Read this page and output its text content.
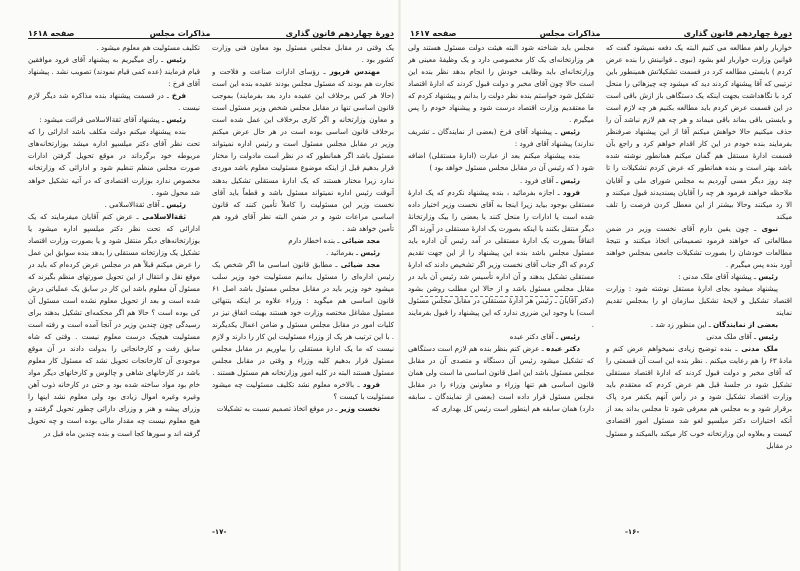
دورهٔ چهاردهم قانون گذاری
مذاکرات مجلس
صفحه ۱۶۱۸

یک وقتی در مقابل مجلس مسئول بود معاون فنی وزارت کشور بود .

مهندس فریور ـ رؤسای ادارات صناعت و فلاحت و تجارت هم بودند که مسئول مجلس بودند عقیده بنده این است (حالا هر کس برخلاف این عقیده دارد بعد بفرمایند) بموجب قانون اساسی تنها در مقابل مجلس شخص وزیر مسئول است و معاون وزارتخانه و اگر کاری برخلاف این عمل شده است برخلاف قانون اساسی بوده است در هر حال عرض میکنم وزیر در مقابل مجلس مسئول است و رئیس اداره نمیتواند مسئول باشد اگر همانطور که در نظر است مادولت را مختار قرار بدهیم قبل از اینکه موضوع مسئولیت معلوم باشد موردی ندارد زیرا مختار هستند که یک ادارهٔ مستقلی تشکیل بدهند آنوقت رئیس اداره نمیتواند مسئول باشد و قطعاً باید آقای نخست وزیر این مسئولیت را کاملاً تأمین کنند که قانون اساسی مراعات شود و در ضمن البته نظر آقای فرود هم تأمین خواهد شد .

مجد ضیائی ـ بنده اخطار دارم

رئیس ـ بفرمائید .

مجد ضیائی ـ مطابق قانون اساسی ما اگر شخص یک رئیس اداره‌ای را مسئول بدانیم مسئولیت خود وزیر سلب میشود خود وزیر باید در مقابل مجلس مسئول باشد اصل ۶۱ قانون اساسی هم میگوید : وزراء علاوه بر اینکه بتنهائی مسئول مشاغل مختصه وزارت خود هستند بهیئت اتفاق نیز در کلیات امور در مقابل مجلس مسئول و ضامن اعمال یکدیگرند . با این ترتیب هر یک از وزراء مسئولیت این کار را دارند و لازم نیست که ما یک ادارهٔ مستقلی را بیاوریم در مقابل مجلس مسئول قرار بدهیم کلیه وزراء و وقتی در مقابل مجلس مسئول هستند البته در کلیه امور وزارتخانه هم مسئول هستند .

فرود ـ بالاخره معلوم نشد تکلیف مسئولیت چه میشود مسئولیت با کیست ؟

نخست وزیر ـ در موقع اتخاذ تصمیم نسبت به تشکیلات

تکلیف مسئولیت هم معلوم میشود .

رئیس ـ رأی میگیریم به پیشنهاد آقای فرود موافقین قیام فرمایند (عده کمی قیام نمودند) تصویب نشد . پیشنهاد آقای فرخ :

فرخ ـ در قسمت پیشنهاد بنده مذاکره شد دیگر لازم نیست .

رئیس ـ پیشنهاد آقای ثقة‌الاسلامی قرائت میشود :

بنده پیشنهاد میکنم دولت مکلف باشد ادارائی را که تحت نظر آقای دکتر میلسپو اداره میشد بوزارتخانه‌های مربوطه خود برگرداند در موقع تحویل گرفتن ادارات صورت مجلس منظم تنظیم شود و ادارائی که وزارتخانه مخصوص ندارد بوزارت اقتصادی که در آتیه تشکیل خواهد شد محول شود .

رئیس ـ آقای ثقة‌الاسلامی .

ثقة‌الاسلامی ـ عرض کنم آقایان میفرمایند که یک ادارائی که تحت نظر دکتر میلسپو اداره میشود یا بوزارتخانه‌های دیگر منتقل شود و یا بصورت وزارت اقتصاد تشکیل یک وزارتخانه مستقلی را بدهد بنده سوابق این عمل را عرض میکنم قبلاً هم در مجلس عرض کرده‌ام که باید در موقع نقل و انتقال از این تحویل صورتهای منظم بگیرند که مسئول آن معلوم باشد این کار در سابق یک عملیاتی درش شده است و بعد از تحویل معلوم نشده است مسئول آن کی بوده است ؟ حالا هم اگر محکمه‌ای تشکیل بدهند برای رسیدگی چون چندین وزیر در آنجا آمده است و رفته است مسئولیت هیچیک درست معلوم نیست . وقتی که شاه سابق رفت و کارخانجاتی را بدولت دادند در آن موقع موجودی آن کارخانجات تحویل نشد که مسئول کار معلوم باشد در کارخانهای شاهی و چالوس و کارخانهای دیگر مواد خام بود مواد ساخته شده بود و حتی در کارخانه ذوب آهن وغیره وغیره اموال زیادی بود ولی معلوم نشد اینها را وزرای پیشه و هنر و وزرای دارائی چطور تحویل گرفتند و هیچ معلوم نیست چه مقدار مالی بوده است و چه تحویل گرفته اند و سورها کجا است و بنده چندین ماه قبل در

-۱۷-
دورهٔ چهاردهم قانون گذاری
مذاکرات مجلس
صفحه ۱۶۱۷

خواربار راهم مطالعه می کنیم البته یک دفعه نمیشود گفت که قوانین وزارت خواربار لغو بشود (نبوی ـ قوانینش را بنده عرض کردم ) بایستی مطالعه کرد در قسمت تشکیلاتش همینطور باین ترتیبی که آقا پیشنهاد کردند دید که میشود چه چیزهائی را منحل کرد با نگاهداشت بجهت اینکه یک دستگاهی باز ازش باقی است در این قسمت عرض کردم باید مطالعه بکنیم هر چه لازم است و بایستی باقی بماند باقی میماند و هر چه هم لازم نباشد آن را حذف میکنیم حالا خواهش میکنم آقا از این پیشنهاد صرفنظر بفرمایند بنده خودم در این کار اقدام خواهم کرد و راجع بآن قسمت ادارهٔ مستقل هم گمان میکنم همانطور نوشته شده باشد بهتر است و بنده همانطور که عرض کردم تشکیلات را تا چند روز دیگر مسی آوردیم به مجلس شورای ملی و آقایان ملاحظه خواهند فرمود هر چه را آقایان پسندیدند قبول میکنند و الا رد میکنند وحالا بیشتر از این معطل کردن فرصت را تلف میکند

نبوی ـ چون یقین دارم آقای نخست وزیر در ضمن مطالعاتی که خواهند فرمود تصمیماتی اتخاذ میکنند و نتیجهٔ مطالعات خودشان را بصورت تشکیلات جامعی بمجلس خواهند آورد بنده پس میگیرم .

رئیس ـ پیشنهاد آقای ملک مدنی :

پیشنهاد میشود بجای ادارهٔ مستقل نوشته شود : وزارت اقتصاد تشکیل و لایحهٔ تشکیل سازمان او را بمجلس تقدیم نمایند

بعضی از نمایندگان ـ این منظور زد شد .

رئیس ـ آقای ملک مدنی

ملک مدنی ـ بنده توضیح زیادی نمیخواهم عرض کنم و مادهٔ ۶۳ را هم رعایت میکنم . نظر بنده این است آن قسمتی را که آقای مخبر و دولت قبول کردند که ادارهٔ اقتصاد مستقلی تشکیل شود در جلسهٔ قبل هم عرض کردم که معتقدم باید وزارت اقتصاد تشکیل شود و در رأس آنهم یکنفر مرد پاک برقرار شود و به مجلس هم معرفی شود تا مجلس بداند بعد از آنکه اختیارات دکتر میلسپو لغو شد مسئول امور اقتصادی کیست و بعلاوه این وزارتخانه خوب کار میکند بالمیکند و مسئول در مقابل

مجلس باید شناخته شود البته هیئت دولت مسئول هستند ولی هر وزارتخانه‌ای یک کار مخصوصی دارد و یک وظیفهٔ معینی هر وزارتخانه‌ای باید وظایف خودش را انجام بدهد نظر بنده این است حالا چون آقای مخبر و دولت قبول کردند که ادارهٔ اقتصاد تشکیل شود خواستم بنده نظر دولت را بدانم و پیشنهاد کردم که ما معتقدیم وزارت اقتصاد درست شود و پیشنهاد خودم را پس میگیرم .

رئیس ـ پیشنهاد آقای فرخ (بعضی از نمایندگان ـ تشریف ندارند) پیشنهاد آقای فرود :

بنده پیشنهاد میکنم بعد از عبارت (ادارهٔ مستقلی) اضافه شود ( که رئیس آن در مقابل مجلس مسئول خواهد بود )

رئیس ـ آقای فرود .

فرود ـ اجازه بفرمائید ، بنده پیشنهاد نکردم که یک ادارهٔ مستقلی بوجود بیاید زیرا اینجا به آقای نخست وزیر اختیار داده شده است یا ادارات را منحل کنند یا بعضی را بیک وزارتخانهٔ دیگر منتقل بکنند یا اینکه بصورت یک ادارهٔ مستقلی در آورند اگر اتفاقاً بصورت یک ادارهٔ مستقلی در آمد رئیس آن اداره باید مسئول مجلس باشد بنده این پیشنهاد را از این جهت تقدیم کردم که اگر جناب آقای نخست وزیر اگر تشخیص دادند که ادارهٔ مستقلی تشکیل بدهند و آن اداره تأسیس شد رئیس آن باید در مقابل مجلس مسئول باشد و از حالا این مطلب روشن بشود (دکتر آقایان ـ رئیس هر ادارهٔ مستقلی در مقابل مجلس مسئول است) با وجود این ضرری ندارد که این پیشنهاد را قبول بفرمایند .

رئیس ـ آقای دکتر عبده

دکتر عبده ـ عرض کنم بنظر بنده هم لازم است دستگاهی که تشکیل میشود رئیس آن دستگاه و متصدی آن در مقابل مجلس مسئول باشد این اصل قانون اساسی ما است ولی همان قانون اساسی هم تنها وزراء و معاونین وزراء را در مقابل مجلس مسئول قرار داده است (بعضی از نمایندگان ـ سابقه دارد) همان سابقه هم اینطور است رئیس کل بهداری که

-۱۶-
